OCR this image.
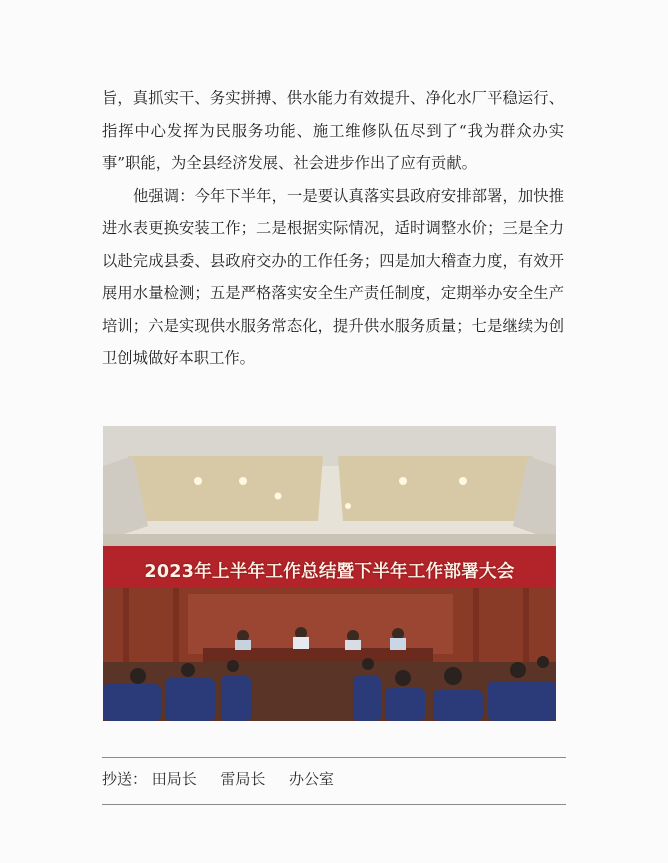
旨，真抓实干、务实拼搏、供水能力有效提升、净化水厂平稳运行、指挥中心发挥为民服务功能、施工维修队伍尽到了“我为群众办实事”职能，为全县经济发展、社会进步作出了应有贡献。

他强调：今年下半年，一是要认真落实县政府安排部署，加快推进水表更换安装工作；二是根据实际情况，适时调整水价；三是全力以赴完成县委、县政府交办的工作任务；四是加大稽查力度，有效开展用水量检测；五是严格落实安全生产责任制度，定期举办安全生产培训；六是实现供水服务常态化，提升供水服务质量；七是继续为创卫创城做好本职工作。

2023年上半年工作总结暨下半年工作部署大会
抄送： 田局长 雷局长 办公室
